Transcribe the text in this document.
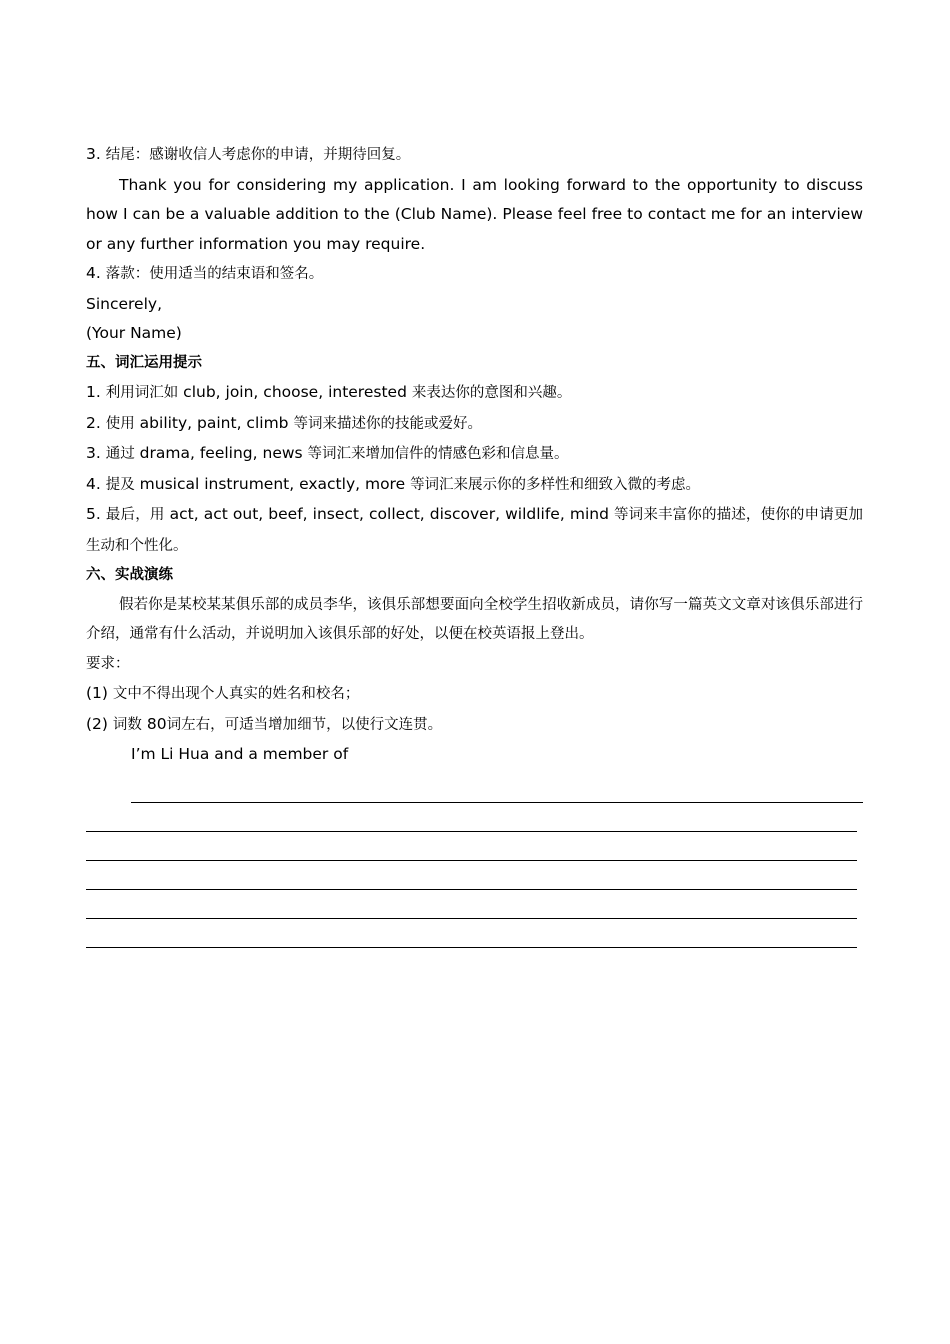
3. 结尾：感谢收信人考虑你的申请，并期待回复。
Thank you for considering my application. I am looking forward to the opportunity to discuss how I can be a valuable addition to the (Club Name). Please feel free to contact me for an interview or any further information you may require.
4. 落款：使用适当的结束语和签名。
Sincerely,
(Your Name)
五、词汇运用提示
1. 利用词汇如 club, join, choose, interested 来表达你的意图和兴趣。
2. 使用 ability, paint, climb 等词来描述你的技能或爱好。
3. 通过 drama, feeling, news 等词汇来增加信件的情感色彩和信息量。
4. 提及 musical instrument, exactly, more 等词汇来展示你的多样性和细致入微的考虑。
5. 最后，用 act, act out, beef, insect, collect, discover, wildlife, mind 等词来丰富你的描述，使你的申请更加生动和个性化。
六、实战演练
假若你是某校某某俱乐部的成员李华，该俱乐部想要面向全校学生招收新成员，请你写一篇英文文章对该俱乐部进行介绍，通常有什么活动，并说明加入该俱乐部的好处，以便在校英语报上登出。
要求：
(1) 文中不得出现个人真实的姓名和校名；
(2) 词数 80词左右，可适当增加细节，以使行文连贯。
I’m Li Hua and a member of
